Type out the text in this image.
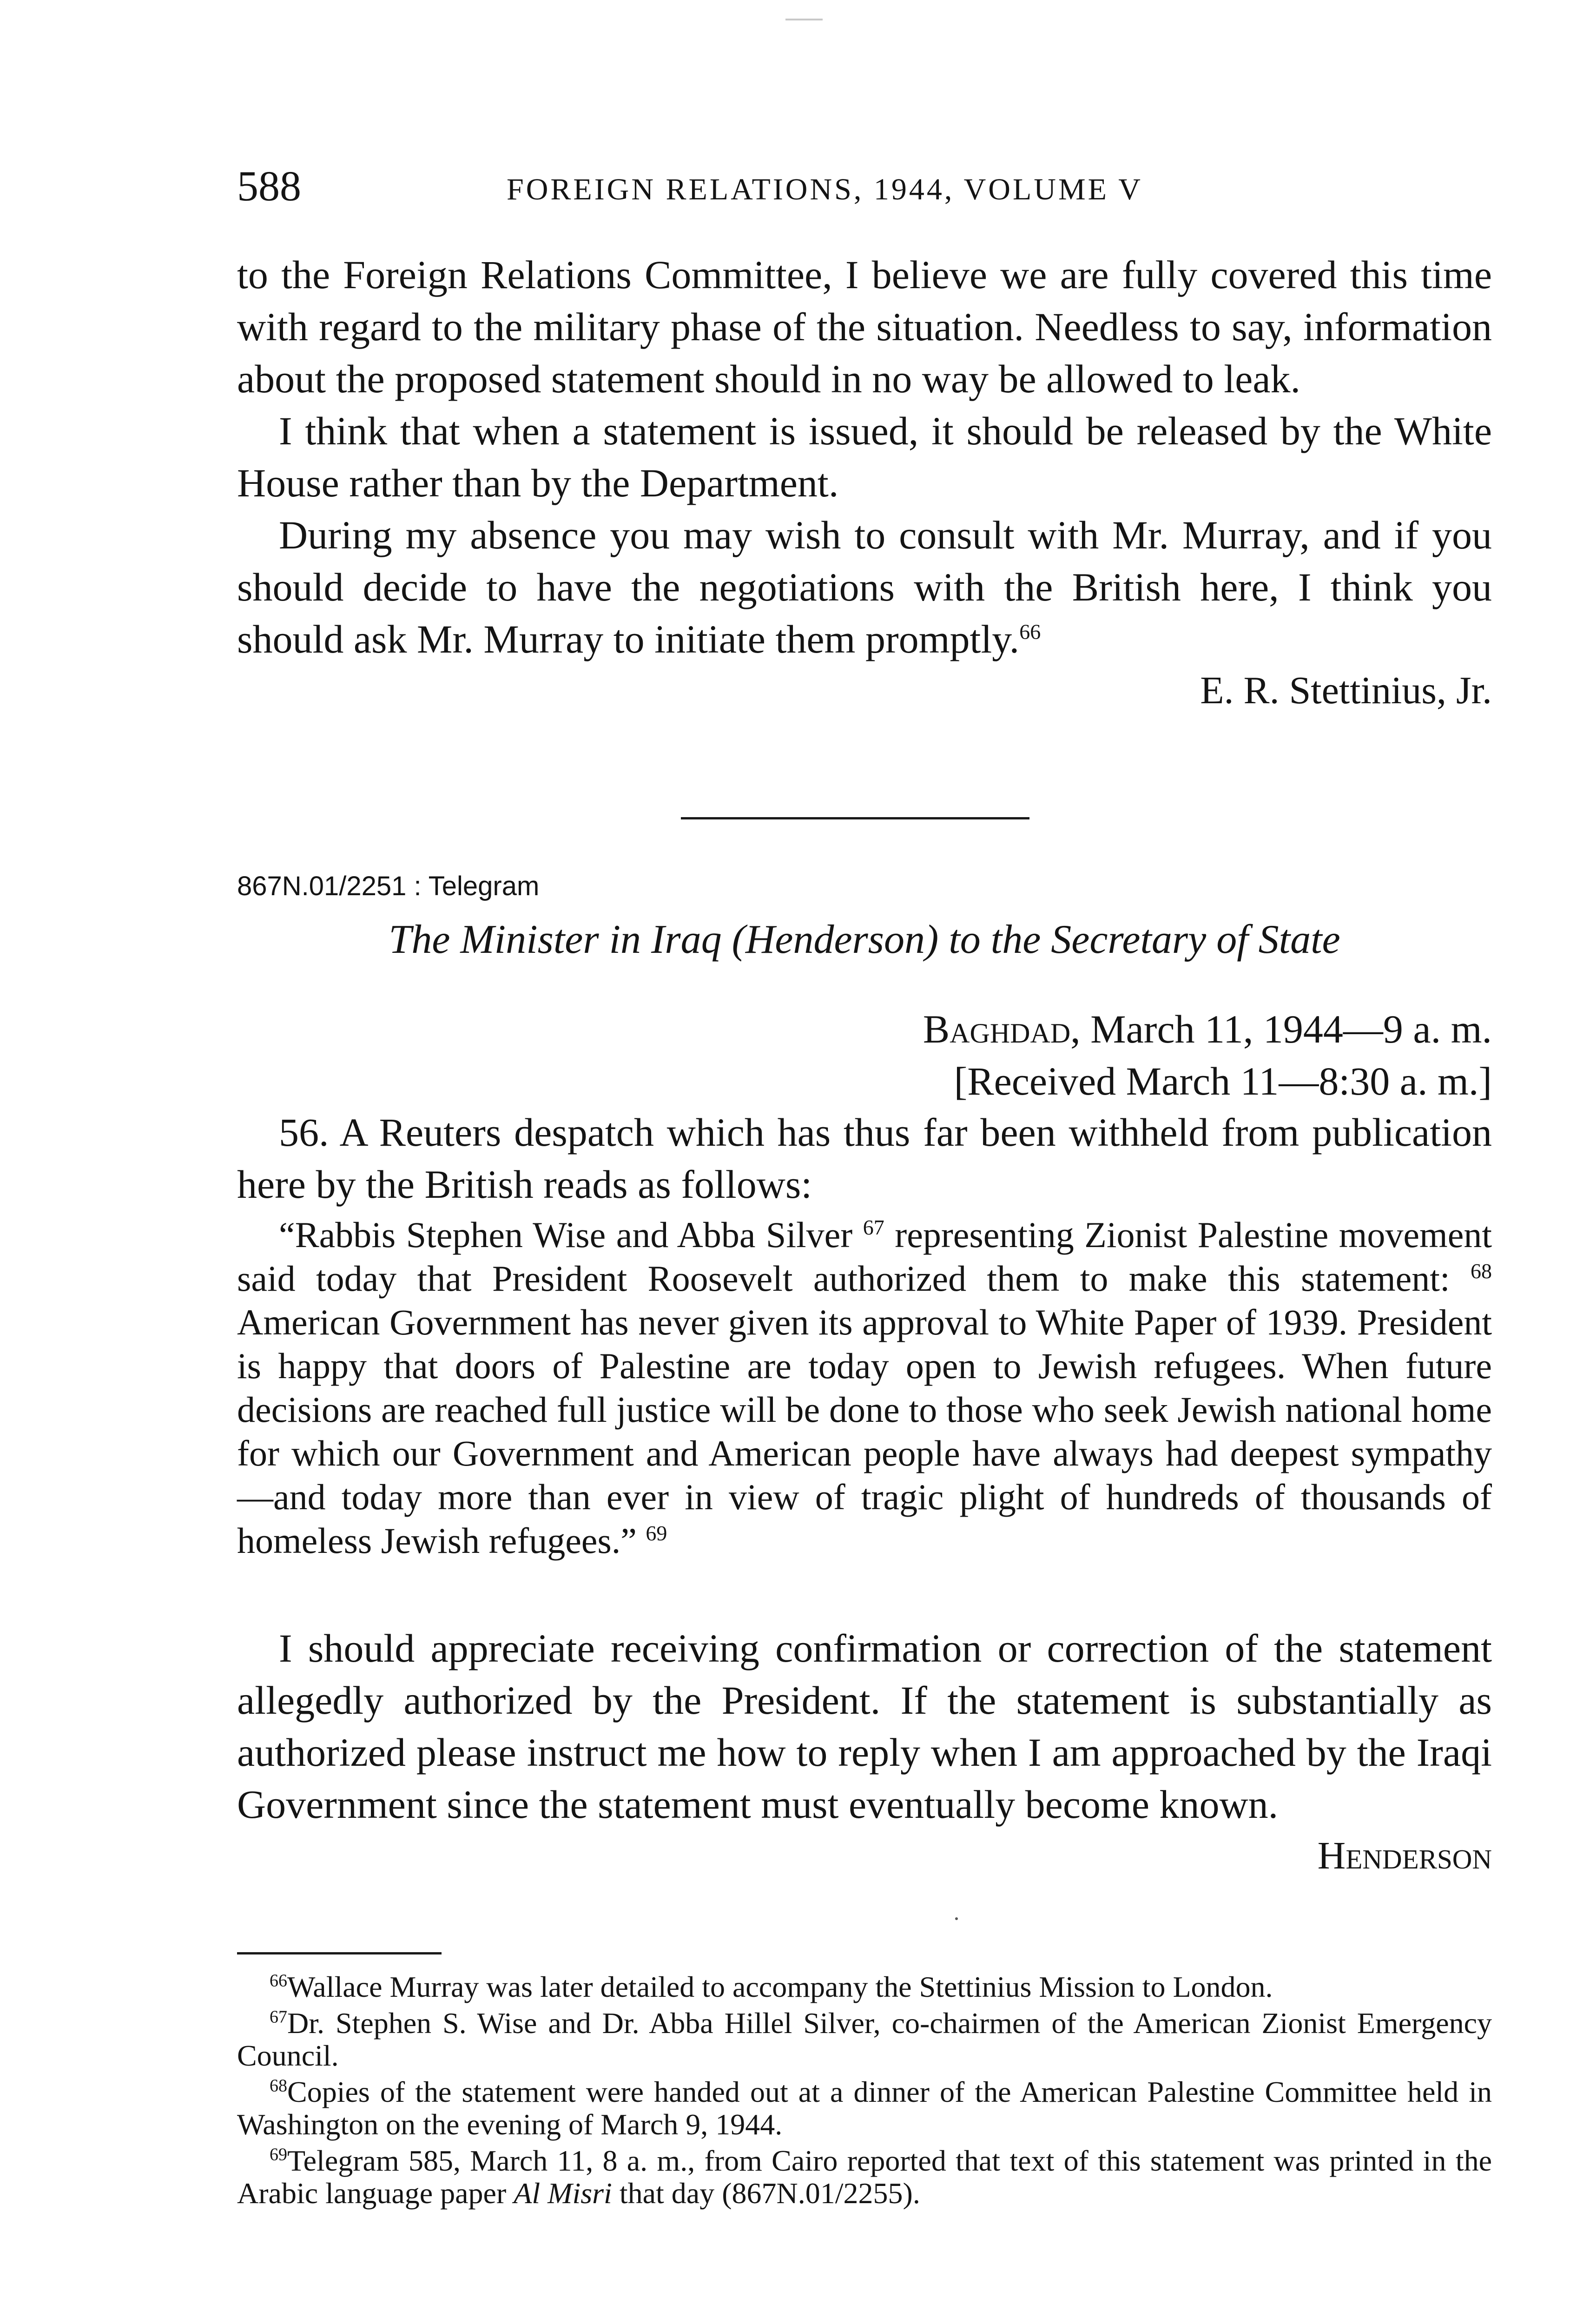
588	FOREIGN RELATIONS, 1944, VOLUME V

to the Foreign Relations Committee, I believe we are fully covered this time with regard to the military phase of the situation. Needless to say, information about the proposed statement should in no way be allowed to leak.

I think that when a statement is issued, it should be released by the White House rather than by the Department.

During my absence you may wish to consult with Mr. Murray, and if you should decide to have the negotiations with the British here, I think you should ask Mr. Murray to initiate them promptly.$^{66}$

E. R. Stettinius, Jr.
867N.01/2251 : Telegram
The Minister in Iraq (Henderson) to the Secretary of State
Baghdad, March 11, 1944—9 a. m.
[Received March 11—8:30 a. m.]

56. A Reuters despatch which has thus far been withheld from publication here by the British reads as follows:

“Rabbis Stephen Wise and Abba Silver $^{67}$ representing Zionist Palestine movement said today that President Roosevelt authorized them to make this statement: $^{68}$ American Government has never given its approval to White Paper of 1939. President is happy that doors of Palestine are today open to Jewish refugees. When future decisions are reached full justice will be done to those who seek Jewish national home for which our Government and American people have always had deepest sympathy—and today more than ever in view of tragic plight of hundreds of thousands of homeless Jewish refugees.” $^{69}$

I should appreciate receiving confirmation or correction of the statement allegedly authorized by the President. If the statement is substantially as authorized please instruct me how to reply when I am approached by the Iraqi Government since the statement must eventually become known.

Henderson

$^{66}$Wallace Murray was later detailed to accompany the Stettinius Mission to London.

$^{67}$Dr. Stephen S. Wise and Dr. Abba Hillel Silver, co-chairmen of the American Zionist Emergency Council.

$^{68}$Copies of the statement were handed out at a dinner of the American Palestine Committee held in Washington on the evening of March 9, 1944.

$^{69}$Telegram 585, March 11, 8 a. m., from Cairo reported that text of this statement was printed in the Arabic language paper Al Misri that day (867N.01/2255).
